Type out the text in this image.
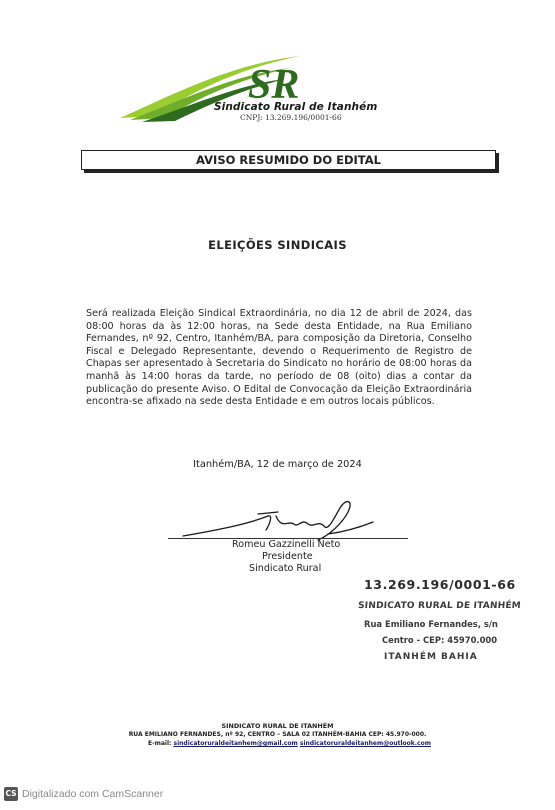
SR
Sindicato Rural de Itanhém
CNPJ: 13.269.196/0001-66
AVISO RESUMIDO DO EDITAL
ELEIÇÕES SINDICAIS
Será realizada Eleição Sindical Extraordinária, no dia 12 de abril de 2024, das 08:00 horas da às 12:00 horas, na Sede desta Entidade, na Rua Emiliano Fernandes, nº 92, Centro, Itanhém/BA, para composição da Diretoria, Conselho Fiscal e Delegado Representante, devendo o Requerimento de Registro de Chapas ser apresentado à Secretaria do Sindicato no horário de 08:00 horas da manhã às 14:00 horas da tarde, no período de 08 (oito) dias a contar da publicação do presente Aviso. O Edital de Convocação da Eleição Extraordinária encontra-se afixado na sede desta Entidade e em outros locais públicos.
Itanhém/BA, 12 de março de 2024
Romeu Gazzinelli Neto
Presidente
Sindicato Rural
13.269.196/0001-66
SINDICATO RURAL DE ITANHÉM
Rua Emiliano Fernandes, s/n
Centro - CEP: 45970.000
ITANHÉM BAHIA
SINDICATO RURAL DE ITANHÉM
RUA EMILIANO FERNANDES, nº 92, CENTRO – SALA 02 ITANHÉM-BAHIA CEP: 45.970-000.
E-mail: sindicatoruraldeitanhem@gmail.com sindicatoruraldeitanhem@outlook.com
CS Digitalizado com CamScanner
